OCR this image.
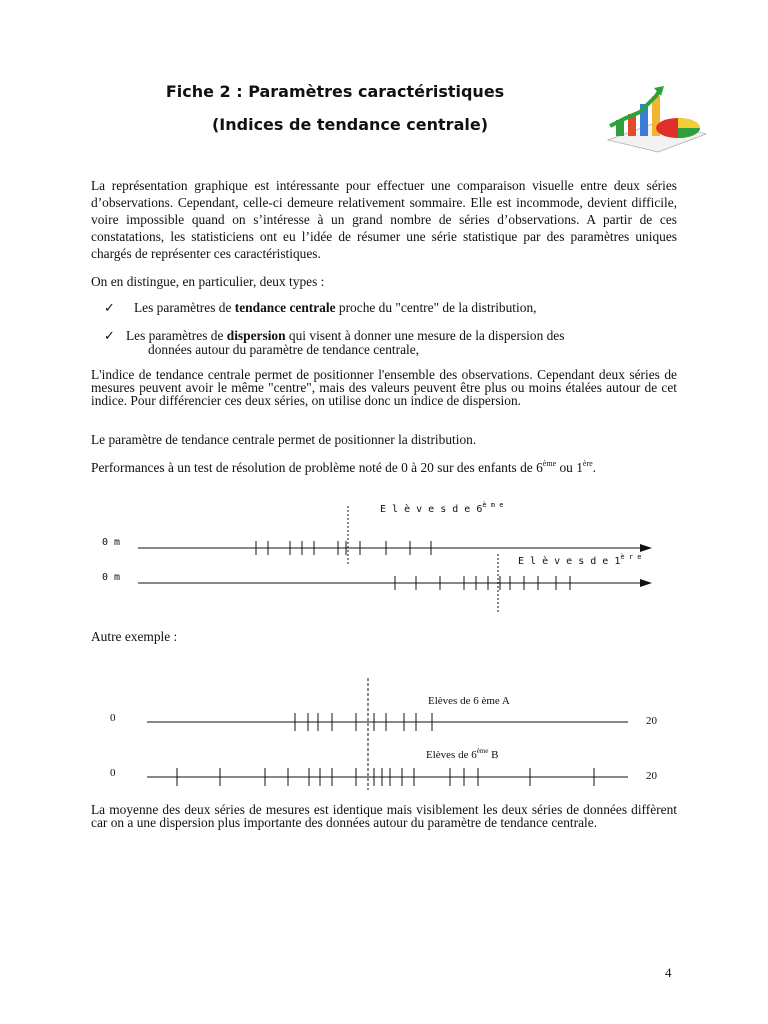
Fiche 2 : Paramètres caractéristiques
(Indices de tendance centrale)
La représentation graphique est intéressante pour effectuer une comparaison visuelle entre deux séries d’observations. Cependant, celle-ci demeure relativement sommaire. Elle est incommode, devient difficile, voire impossible quand on s’intéresse à un grand nombre de séries d’observations. A partir de ces constatations, les statisticiens ont eu l’idée de résumer une série statistique par des paramètres uniques chargés de représenter ces caractéristiques.
On en distingue, en particulier, deux types :
✓ Les paramètres de tendance centrale proche du "centre" de la distribution,
✓ Les paramètres de dispersion qui visent à donner une mesure de la dispersion des
données autour du paramètre de tendance centrale,
L'indice de tendance centrale permet de positionner l'ensemble des observations. Cependant deux séries de mesures peuvent avoir le même "centre", mais des valeurs peuvent être plus ou moins étalées autour de cet indice. Pour différencier ces deux séries, on utilise donc un indice de dispersion.
Le paramètre de tendance centrale permet de positionner la distribution.
Performances à un test de résolution de problème noté de 0 à 20 sur des enfants de 6ème ou 1ère.
E l è v e s d e $6^{è m e}$
0 m
E l è v e s d e $1^{è r e}$
0 m
Elèves de 6 ème A
0	20
Elèves de 6ème B
0	20
Autre exemple :
La moyenne des deux séries de mesures est identique mais visiblement les deux séries de données diffèrent car on a une dispersion plus importante des données autour du paramètre de tendance centrale.
4
